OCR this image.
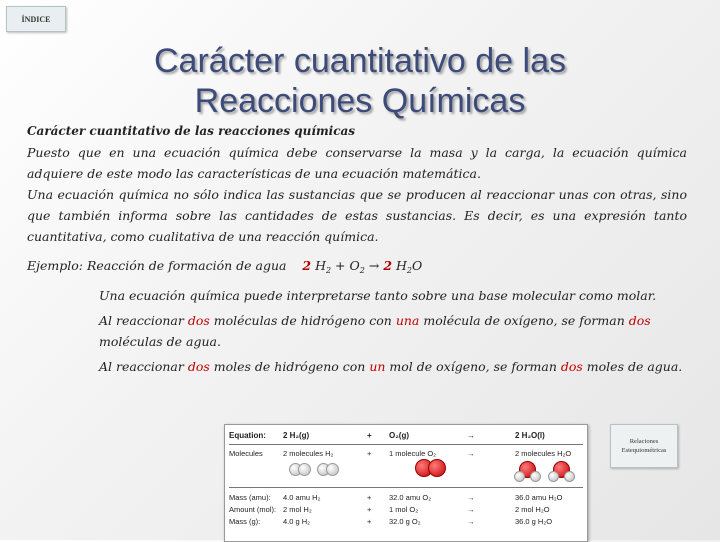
ÍNDICE
Carácter cuantitativo de las
Reacciones Químicas
Carácter cuantitativo de las reacciones químicas
Puesto que en una ecuación química debe conservarse la masa y la carga, la ecuación química adquiere de este modo las características de una ecuación matemática.
Una ecuación química no sólo indica las sustancias que se producen al reaccionar unas con otras, sino que también informa sobre las cantidades de estas sustancias. Es decir, es una expresión tanto cuantitativa, como cualitativa de una reacción química.
Ejemplo: Reacción de formación de agua 2 $H_2 + O_2 \to 2$ $H_2O$
Una ecuación química puede interpretarse tanto sobre una base molecular como molar.
Al reaccionar dos moléculas de hidrógeno con una molécula de oxígeno, se forman dos moléculas de agua.
Al reaccionar dos moles de hidrógeno con un mol de oxígeno, se forman dos moles de agua.
Equation: 2 H₂(g)	+ O₂(g)	→	2 H₂O(l)
Molecules	2 molecules H₂	+ 1 molecule O₂	→	2 molecules H₂O
Mass (amu): 4.0 amu H₂	+ 32.0 amu O₂	→	36.0 amu H₂O
Amount (mol): 2 mol H₂	+ 1 mol O₂	→	2 mol H₂O
Mass (g):	4.0 g H₂	+ 32.0 g O₂	→	36.0 g H₂O
Relaciones
Estequiométricas
